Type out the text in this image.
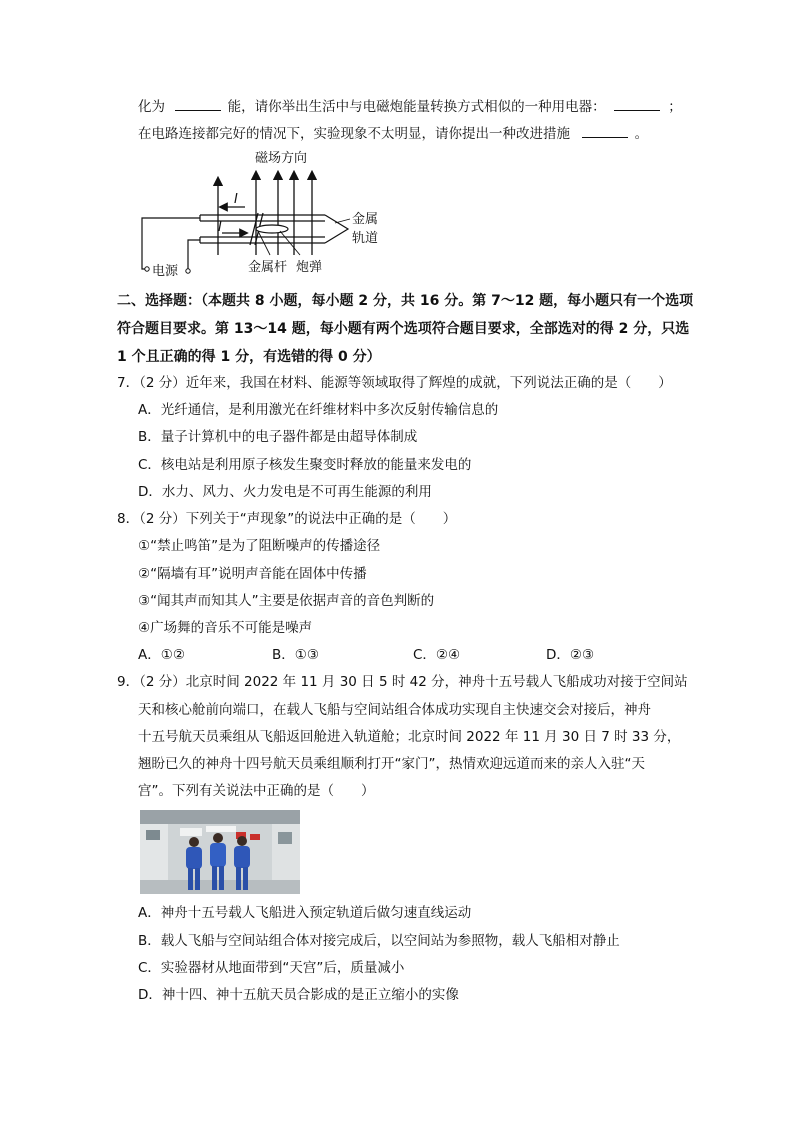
化为	能，请你举出生活中与电磁炮能量转换方式相似的一种用电器：	；
在电路连接都完好的情况下，实验现象不太明显，请你提出一种改进措施	。
磁场方向
电源
I
I
金属杆 炮弹
金属
轨道
二、选择题：（本题共 8 小题，每小题 2 分，共 16 分。第 7～12 题，每小题只有一个选项
符合题目要求。第 13～14 题，每小题有两个选项符合题目要求，全部选对的得 2 分，只选
1 个且正确的得 1 分，有选错的得 0 分）
7．（2 分）近年来，我国在材料、能源等领域取得了辉煌的成就，下列说法正确的是（　　）
A．光纤通信，是利用激光在纤维材料中多次反射传输信息的
B．量子计算机中的电子器件都是由超导体制成
C．核电站是利用原子核发生聚变时释放的能量来发电的
D．水力、风力、火力发电是不可再生能源的利用
8．（2 分）下列关于“声现象”的说法中正确的是（　　）
①“禁止鸣笛”是为了阻断噪声的传播途径
②“隔墙有耳”说明声音能在固体中传播
③“闻其声而知其人”主要是依据声音的音色判断的
④广场舞的音乐不可能是噪声
A．①②	B．①③	C．②④	D．②③
9．（2 分）北京时间 2022 年 11 月 30 日 5 时 42 分，神舟十五号载人飞船成功对接于空间站
天和核心舱前向端口，在载人飞船与空间站组合体成功实现自主快速交会对接后，神舟
十五号航天员乘组从飞船返回舱进入轨道舱；北京时间 2022 年 11 月 30 日 7 时 33 分，
翘盼已久的神舟十四号航天员乘组顺利打开“家门”，热情欢迎远道而来的亲人入驻“天
宫”。下列有关说法中正确的是（　　）
A．神舟十五号载人飞船进入预定轨道后做匀速直线运动
B．载人飞船与空间站组合体对接完成后，以空间站为参照物，载人飞船相对静止
C．实验器材从地面带到“天宫”后，质量减小
D．神十四、神十五航天员合影成的是正立缩小的实像
